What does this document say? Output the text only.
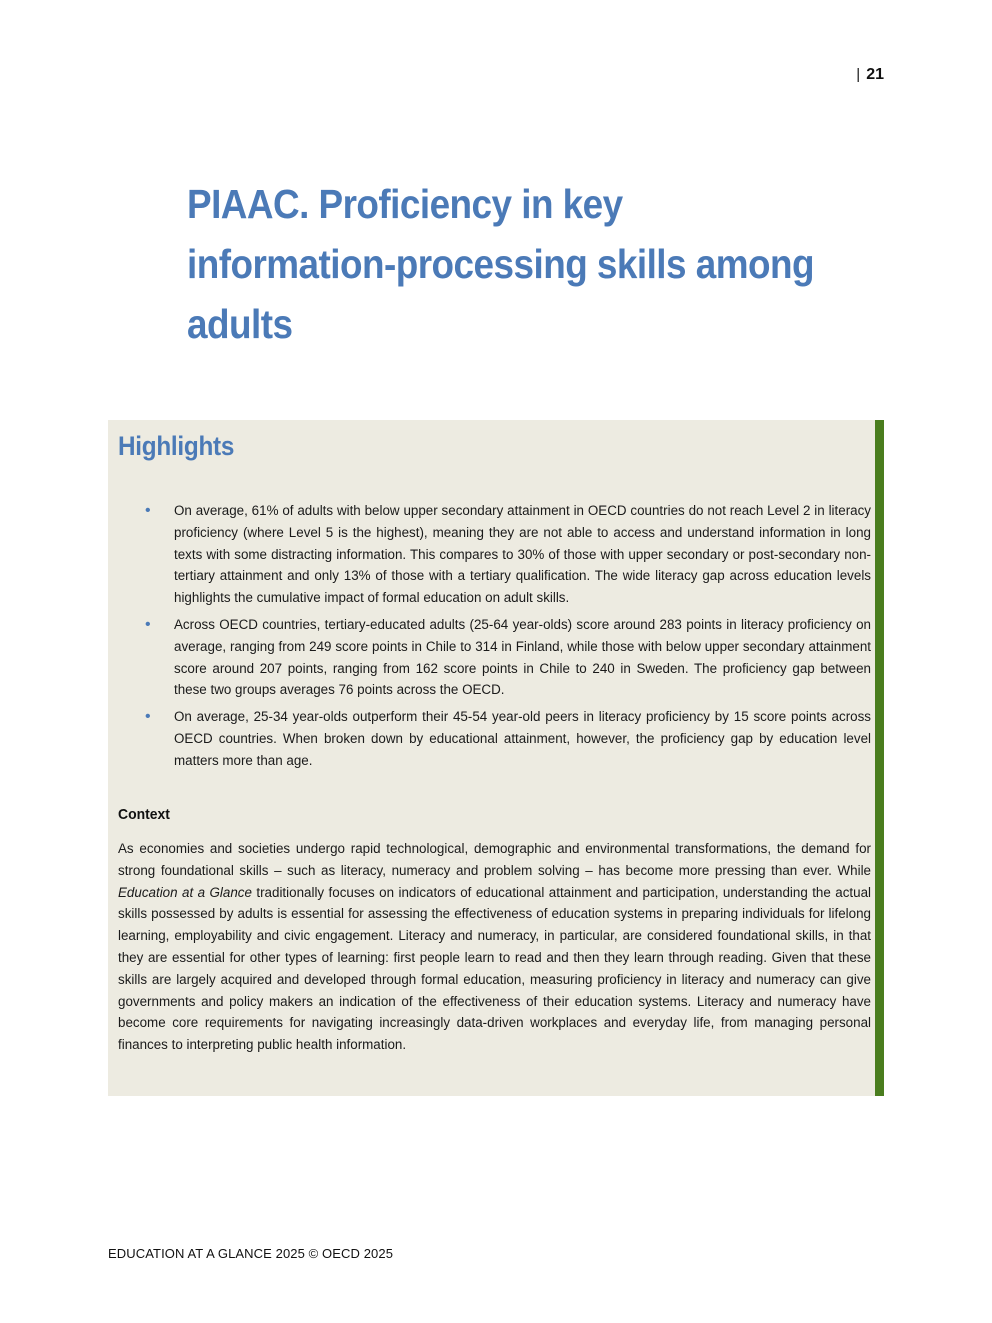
| 21
PIAAC. Proficiency in key information-processing skills among adults
Highlights
• On average, 61% of adults with below upper secondary attainment in OECD countries do not reach Level 2 in literacy proficiency (where Level 5 is the highest), meaning they are not able to access and understand information in long texts with some distracting information. This compares to 30% of those with upper secondary or post-secondary non-tertiary attainment and only 13% of those with a tertiary qualification. The wide literacy gap across education levels highlights the cumulative impact of formal education on adult skills.
• Across OECD countries, tertiary-educated adults (25-64 year-olds) score around 283 points in literacy proficiency on average, ranging from 249 score points in Chile to 314 in Finland, while those with below upper secondary attainment score around 207 points, ranging from 162 score points in Chile to 240 in Sweden. The proficiency gap between these two groups averages 76 points across the OECD.
• On average, 25-34 year-olds outperform their 45-54 year-old peers in literacy proficiency by 15 score points across OECD countries. When broken down by educational attainment, however, the proficiency gap by education level matters more than age.
Context

As economies and societies undergo rapid technological, demographic and environmental transformations, the demand for strong foundational skills – such as literacy, numeracy and problem solving – has become more pressing than ever. While Education at a Glance traditionally focuses on indicators of educational attainment and participation, understanding the actual skills possessed by adults is essential for assessing the effectiveness of education systems in preparing individuals for lifelong learning, employability and civic engagement. Literacy and numeracy, in particular, are considered foundational skills, in that they are essential for other types of learning: first people learn to read and then they learn through reading. Given that these skills are largely acquired and developed through formal education, measuring proficiency in literacy and numeracy can give governments and policy makers an indication of the effectiveness of their education systems. Literacy and numeracy have become core requirements for navigating increasingly data-driven workplaces and everyday life, from managing personal finances to interpreting public health information.

EDUCATION AT A GLANCE 2025 © OECD 2025
